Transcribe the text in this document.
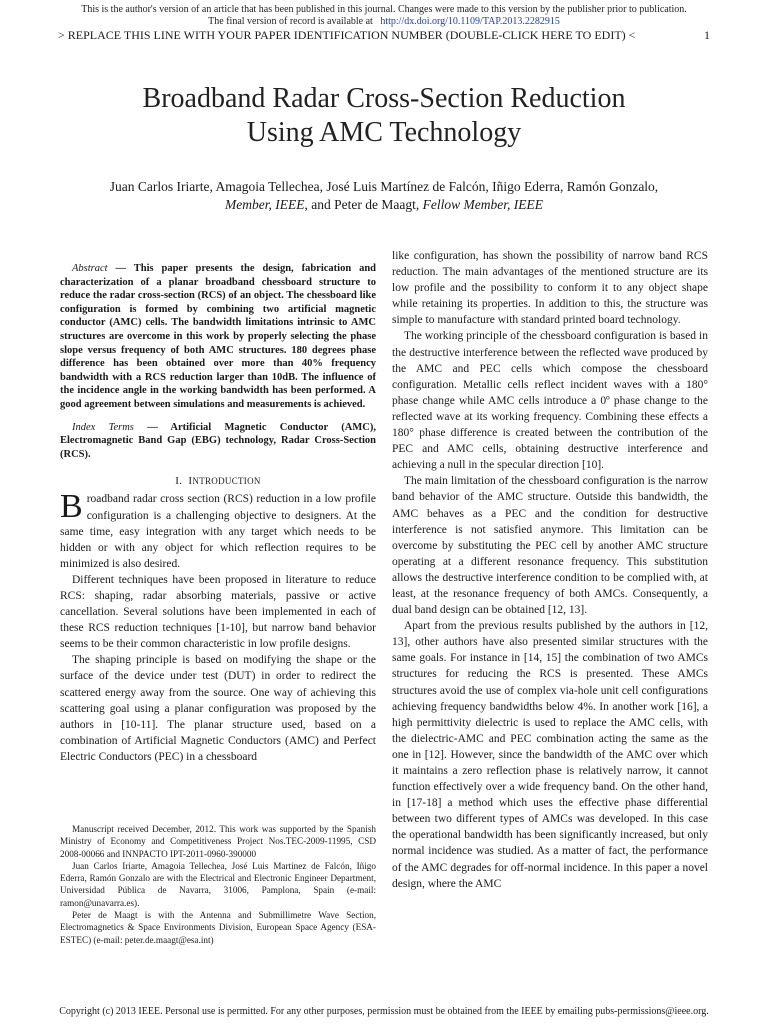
This is the author's version of an article that has been published in this journal. Changes were made to this version by the publisher prior to publication.
The final version of record is available at http://dx.doi.org/10.1109/TAP.2013.2282915
> REPLACE THIS LINE WITH YOUR PAPER IDENTIFICATION NUMBER (DOUBLE-CLICK HERE TO EDIT) <	1
Broadband Radar Cross-Section Reduction
Using AMC Technology
Juan Carlos Iriarte, Amagoia Tellechea, José Luis Martínez de Falcón, Iñigo Ederra, Ramón Gonzalo,
Member, IEEE, and Peter de Maagt, Fellow Member, IEEE

Abstract — This paper presents the design, fabrication and characterization of a planar broadband chessboard structure to reduce the radar cross-section (RCS) of an object. The chessboard like configuration is formed by combining two artificial magnetic conductor (AMC) cells. The bandwidth limitations intrinsic to AMC structures are overcome in this work by properly selecting the phase slope versus frequency of both AMC structures. 180 degrees phase difference has been obtained over more than 40% frequency bandwidth with a RCS reduction larger than 10dB. The influence of the incidence angle in the working bandwidth has been performed. A good agreement between simulations and measurements is achieved.

Index Terms — Artificial Magnetic Conductor (AMC), Electromagnetic Band Gap (EBG) technology, Radar Cross-Section (RCS).

I. INTRODUCTION

Broadband radar cross section (RCS) reduction in a low profile configuration is a challenging objective to designers. At the same time, easy integration with any target which needs to be hidden or with any object for which reflection requires to be minimized is also desired.

Different techniques have been proposed in literature to reduce RCS: shaping, radar absorbing materials, passive or active cancellation. Several solutions have been implemented in each of these RCS reduction techniques [1-10], but narrow band behavior seems to be their common characteristic in low profile designs.

The shaping principle is based on modifying the shape or the surface of the device under test (DUT) in order to redirect the scattered energy away from the source. One way of achieving this scattering goal using a planar configuration was proposed by the authors in [10-11]. The planar structure used, based on a combination of Artificial Magnetic Conductors (AMC) and Perfect Electric Conductors (PEC) in a chessboard

Manuscript received December, 2012. This work was supported by the Spanish Ministry of Economy and Competitiveness Project Nos.TEC-2009-11995, CSD 2008-00066 and INNPACTO IPT-2011-0960-390000

Juan Carlos Iriarte, Amagoia Tellechea, José Luis Martínez de Falcón, Iñigo Ederra, Ramón Gonzalo are with the Electrical and Electronic Engineer Department, Universidad Pública de Navarra, 31006, Pamplona, Spain (e-mail: ramon@unavarra.es).

Peter de Maagt is with the Antenna and Submillimetre Wave Section, Electromagnetics & Space Environments Division, European Space Agency (ESA-ESTEC) (e-mail: peter.de.maagt@esa.int)

like configuration, has shown the possibility of narrow band RCS reduction. The main advantages of the mentioned structure are its low profile and the possibility to conform it to any object shape while retaining its properties. In addition to this, the structure was simple to manufacture with standard printed board technology.

The working principle of the chessboard configuration is based in the destructive interference between the reflected wave produced by the AMC and PEC cells which compose the chessboard configuration. Metallic cells reflect incident waves with a 180° phase change while AMC cells introduce a 0º phase change to the reflected wave at its working frequency. Combining these effects a 180° phase difference is created between the contribution of the PEC and AMC cells, obtaining destructive interference and achieving a null in the specular direction [10].

The main limitation of the chessboard configuration is the narrow band behavior of the AMC structure. Outside this bandwidth, the AMC behaves as a PEC and the condition for destructive interference is not satisfied anymore. This limitation can be overcome by substituting the PEC cell by another AMC structure operating at a different resonance frequency. This substitution allows the destructive interference condition to be complied with, at least, at the resonance frequency of both AMCs. Consequently, a dual band design can be obtained [12, 13].

Apart from the previous results published by the authors in [12, 13], other authors have also presented similar structures with the same goals. For instance in [14, 15] the combination of two AMCs structures for reducing the RCS is presented. These AMCs structures avoid the use of complex via-hole unit cell configurations achieving frequency bandwidths below 4%. In another work [16], a high permittivity dielectric is used to replace the AMC cells, with the dielectric-AMC and PEC combination acting the same as the one in [12]. However, since the bandwidth of the AMC over which it maintains a zero reflection phase is relatively narrow, it cannot function effectively over a wide frequency band. On the other hand, in [17-18] a method which uses the effective phase differential between two different types of AMCs was developed. In this case the operational bandwidth has been significantly increased, but only normal incidence was studied. As a matter of fact, the performance of the AMC degrades for off-normal incidence. In this paper a novel design, where the AMC

Copyright (c) 2013 IEEE. Personal use is permitted. For any other purposes, permission must be obtained from the IEEE by emailing pubs-permissions@ieee.org.
